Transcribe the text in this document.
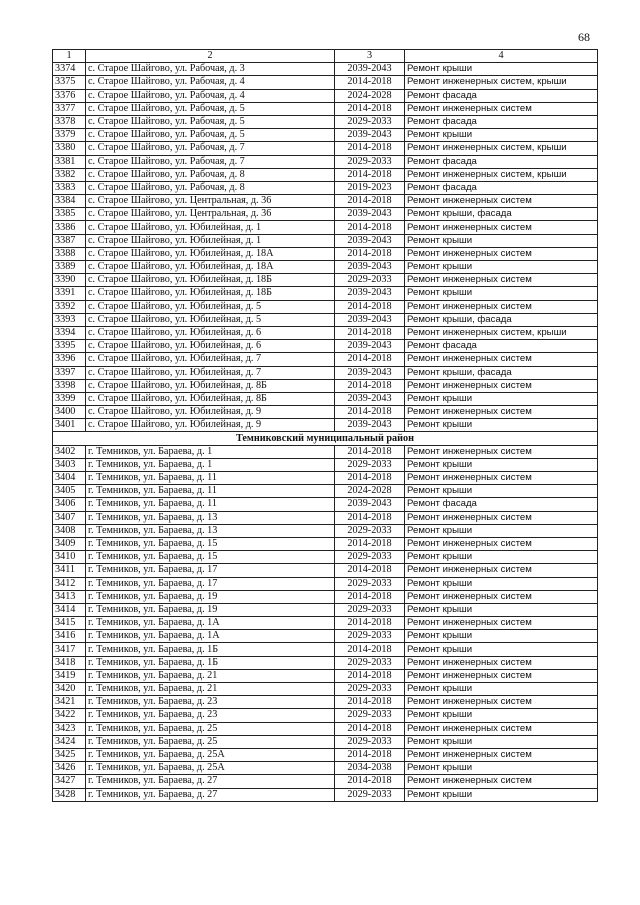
68
1	2	3	4
3374	с. Старое Шайгово, ул. Рабочая, д. 3	2039-2043	Ремонт крыши
3375	с. Старое Шайгово, ул. Рабочая, д. 4	2014-2018	Ремонт инженерных систем, крыши
3376	с. Старое Шайгово, ул. Рабочая, д. 4	2024-2028	Ремонт фасада
3377	с. Старое Шайгово, ул. Рабочая, д. 5	2014-2018	Ремонт инженерных систем
3378	с. Старое Шайгово, ул. Рабочая, д. 5	2029-2033	Ремонт фасада
3379	с. Старое Шайгово, ул. Рабочая, д. 5	2039-2043	Ремонт крыши
3380	с. Старое Шайгово, ул. Рабочая, д. 7	2014-2018	Ремонт инженерных систем, крыши
3381	с. Старое Шайгово, ул. Рабочая, д. 7	2029-2033	Ремонт фасада
3382	с. Старое Шайгово, ул. Рабочая, д. 8	2014-2018	Ремонт инженерных систем, крыши
3383	с. Старое Шайгово, ул. Рабочая, д. 8	2019-2023	Ремонт фасада
3384	с. Старое Шайгово, ул. Центральная, д. 36	2014-2018	Ремонт инженерных систем
3385	с. Старое Шайгово, ул. Центральная, д. 36	2039-2043	Ремонт крыши, фасада
3386	с. Старое Шайгово, ул. Юбилейная, д. 1	2014-2018	Ремонт инженерных систем
3387	с. Старое Шайгово, ул. Юбилейная, д. 1	2039-2043	Ремонт крыши
3388	с. Старое Шайгово, ул. Юбилейная, д. 18А	2014-2018	Ремонт инженерных систем
3389	с. Старое Шайгово, ул. Юбилейная, д. 18А	2039-2043	Ремонт крыши
3390	с. Старое Шайгово, ул. Юбилейная, д. 18Б	2029-2033	Ремонт инженерных систем
3391	с. Старое Шайгово, ул. Юбилейная, д. 18Б	2039-2043	Ремонт крыши
3392	с. Старое Шайгово, ул. Юбилейная, д. 5	2014-2018	Ремонт инженерных систем
3393	с. Старое Шайгово, ул. Юбилейная, д. 5	2039-2043	Ремонт крыши, фасада
3394	с. Старое Шайгово, ул. Юбилейная, д. 6	2014-2018	Ремонт инженерных систем, крыши
3395	с. Старое Шайгово, ул. Юбилейная, д. 6	2039-2043	Ремонт фасада
3396	с. Старое Шайгово, ул. Юбилейная, д. 7	2014-2018	Ремонт инженерных систем
3397	с. Старое Шайгово, ул. Юбилейная, д. 7	2039-2043	Ремонт крыши, фасада
3398	с. Старое Шайгово, ул. Юбилейная, д. 8Б	2014-2018	Ремонт инженерных систем
3399	с. Старое Шайгово, ул. Юбилейная, д. 8Б	2039-2043	Ремонт крыши
3400	с. Старое Шайгово, ул. Юбилейная, д. 9	2014-2018	Ремонт инженерных систем
3401	с. Старое Шайгово, ул. Юбилейная, д. 9	2039-2043	Ремонт крыши
Темниковский муниципальный район			
3402	г. Темников, ул. Бараева, д. 1	2014-2018	Ремонт инженерных систем
3403	г. Темников, ул. Бараева, д. 1	2029-2033	Ремонт крыши
3404	г. Темников, ул. Бараева, д. 11	2014-2018	Ремонт инженерных систем
3405	г. Темников, ул. Бараева, д. 11	2024-2028	Ремонт крыши
3406	г. Темников, ул. Бараева, д. 11	2039-2043	Ремонт фасада
3407	г. Темников, ул. Бараева, д. 13	2014-2018	Ремонт инженерных систем
3408	г. Темников, ул. Бараева, д. 13	2029-2033	Ремонт крыши
3409	г. Темников, ул. Бараева, д. 15	2014-2018	Ремонт инженерных систем
3410	г. Темников, ул. Бараева, д. 15	2029-2033	Ремонт крыши
3411	г. Темников, ул. Бараева, д. 17	2014-2018	Ремонт инженерных систем
3412	г. Темников, ул. Бараева, д. 17	2029-2033	Ремонт крыши
3413	г. Темников, ул. Бараева, д. 19	2014-2018	Ремонт инженерных систем
3414	г. Темников, ул. Бараева, д. 19	2029-2033	Ремонт крыши
3415	г. Темников, ул. Бараева, д. 1А	2014-2018	Ремонт инженерных систем
3416	г. Темников, ул. Бараева, д. 1А	2029-2033	Ремонт крыши
3417	г. Темников, ул. Бараева, д. 1Б	2014-2018	Ремонт крыши
3418	г. Темников, ул. Бараева, д. 1Б	2029-2033	Ремонт инженерных систем
3419	г. Темников, ул. Бараева, д. 21	2014-2018	Ремонт инженерных систем
3420	г. Темников, ул. Бараева, д. 21	2029-2033	Ремонт крыши
3421	г. Темников, ул. Бараева, д. 23	2014-2018	Ремонт инженерных систем
3422	г. Темников, ул. Бараева, д. 23	2029-2033	Ремонт крыши
3423	г. Темников, ул. Бараева, д. 25	2014-2018	Ремонт инженерных систем
3424	г. Темников, ул. Бараева, д. 25	2029-2033	Ремонт крыши
3425	г. Темников, ул. Бараева, д. 25А	2014-2018	Ремонт инженерных систем
3426	г. Темников, ул. Бараева, д. 25А	2034-2038	Ремонт крыши
3427	г. Темников, ул. Бараева, д. 27	2014-2018	Ремонт инженерных систем
3428	г. Темников, ул. Бараева, д. 27	2029-2033	Ремонт крыши
